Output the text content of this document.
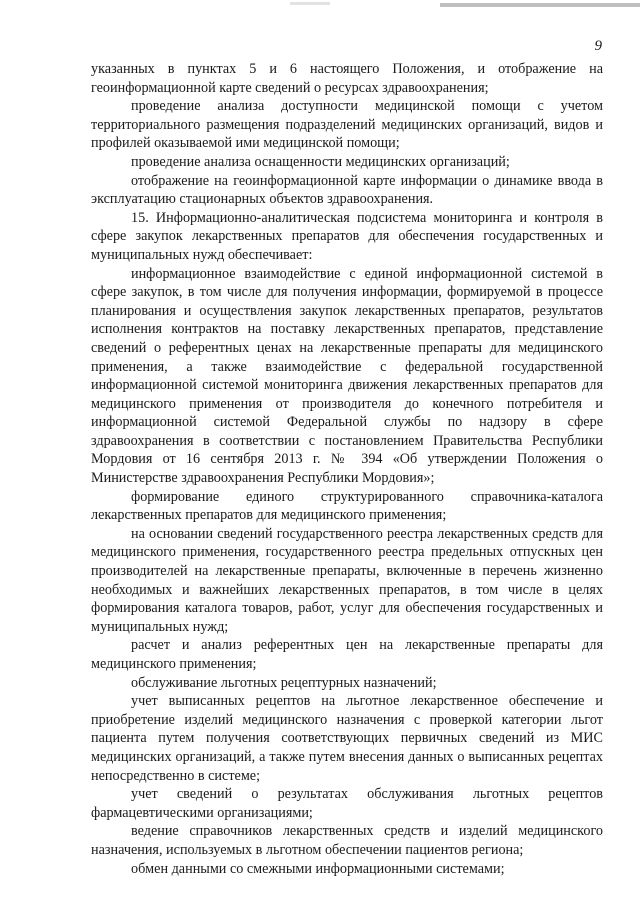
9

указанных в пунктах 5 и 6 настоящего Положения, и отображение на геоинформационной карте сведений о ресурсах здравоохранения;

проведение анализа доступности медицинской помощи с учетом территориального размещения подразделений медицинских организаций, видов и профилей оказываемой ими медицинской помощи;

проведение анализа оснащенности медицинских организаций;

отображение на геоинформационной карте информации о динамике ввода в эксплуатацию стационарных объектов здравоохранения.

15. Информационно-аналитическая подсистема мониторинга и контроля в сфере закупок лекарственных препаратов для обеспечения государственных и муниципальных нужд обеспечивает:

информационное взаимодействие с единой информационной системой в сфере закупок, в том числе для получения информации, формируемой в процессе планирования и осуществления закупок лекарственных препаратов, результатов исполнения контрактов на поставку лекарственных препаратов, представление сведений о референтных ценах на лекарственные препараты для медицинского применения, а также взаимодействие с федеральной государственной информационной системой мониторинга движения лекарственных препаратов для медицинского применения от производителя до конечного потребителя и информационной системой Федеральной службы по надзору в сфере здравоохранения в соответствии с постановлением Правительства Республики Мордовия от 16 сентября 2013 г. № 394 «Об утверждении Положения о Министерстве здравоохранения Республики Мордовия»;

формирование единого структурированного справочника-каталога лекарственных препаратов для медицинского применения;

на основании сведений государственного реестра лекарственных средств для медицинского применения, государственного реестра предельных отпускных цен производителей на лекарственные препараты, включенные в перечень жизненно необходимых и важнейших лекарственных препаратов, в том числе в целях формирования каталога товаров, работ, услуг для обеспечения государственных и муниципальных нужд;

расчет и анализ референтных цен на лекарственные препараты для медицинского применения;

обслуживание льготных рецептурных назначений;

учет выписанных рецептов на льготное лекарственное обеспечение и приобретение изделий медицинского назначения с проверкой категории льгот пациента путем получения соответствующих первичных сведений из МИС медицинских организаций, а также путем внесения данных о выписанных рецептах непосредственно в системе;

учет сведений о результатах обслуживания льготных рецептов фармацевтическими организациями;

ведение справочников лекарственных средств и изделий медицинского назначения, используемых в льготном обеспечении пациентов региона;

обмен данными со смежными информационными системами;
